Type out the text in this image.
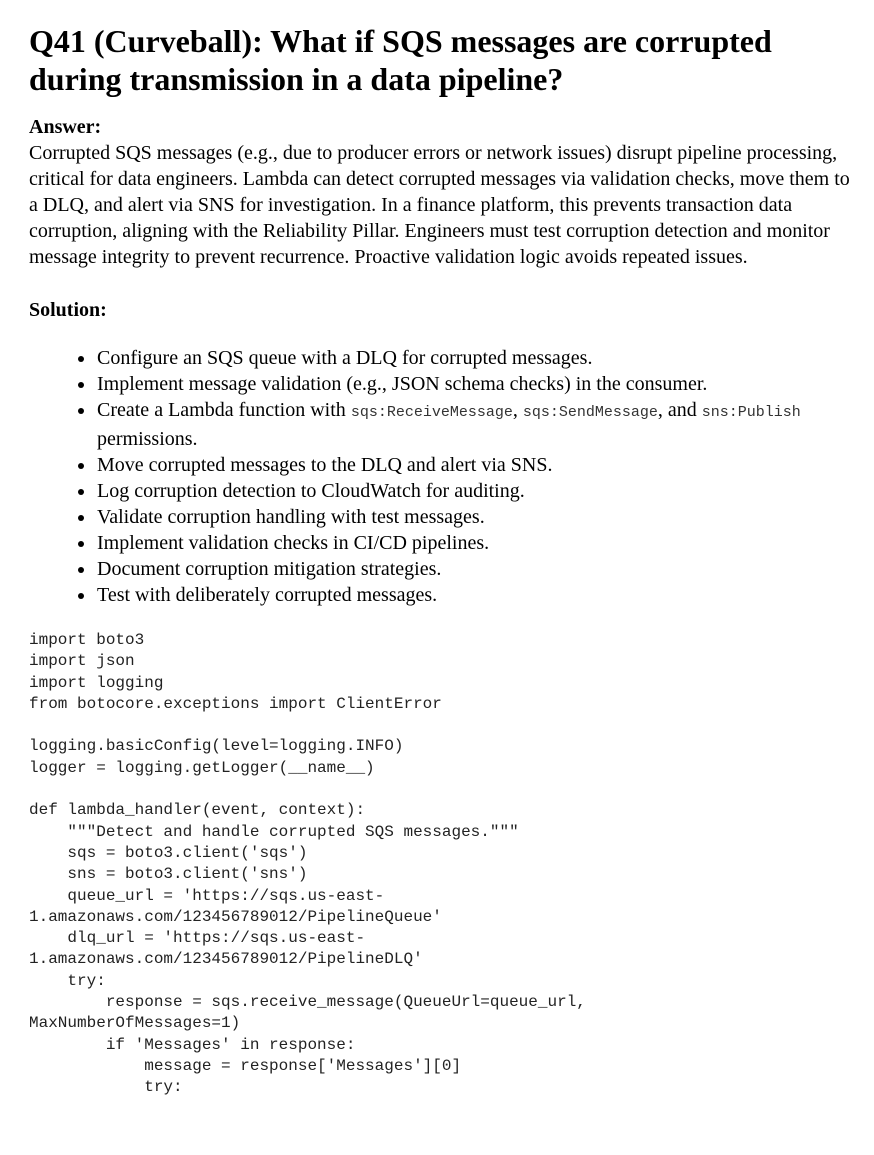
Q41 (Curveball): What if SQS messages are corrupted during transmission in a data pipeline?
Answer:

Corrupted SQS messages (e.g., due to producer errors or network issues) disrupt pipeline processing, critical for data engineers. Lambda can detect corrupted messages via validation checks, move them to a DLQ, and alert via SNS for investigation. In a finance platform, this prevents transaction data corruption, aligning with the Reliability Pillar. Engineers must test corruption detection and monitor message integrity to prevent recurrence. Proactive validation logic avoids repeated issues.

Solution:
• Configure an SQS queue with a DLQ for corrupted messages.
• Implement message validation (e.g., JSON schema checks) in the consumer.
• Create a Lambda function with sqs:ReceiveMessage, sqs:SendMessage, and sns:Publish permissions.
• Move corrupted messages to the DLQ and alert via SNS.
• Log corruption detection to CloudWatch for auditing.
• Validate corruption handling with test messages.
• Implement validation checks in CI/CD pipelines.
• Document corruption mitigation strategies.
• Test with deliberately corrupted messages.
import boto3
import json
import logging
from botocore.exceptions import ClientError
logging.basicConfig(level=logging.INFO)
logger = logging.getLogger(__name__)
def lambda_handler(event, context):
"""Detect and handle corrupted SQS messages."""
sqs = boto3.client('sqs')
sns = boto3.client('sns')
queue_url = 'https://sqs.us-east-
1.amazonaws.com/123456789012/PipelineQueue'
dlq_url = 'https://sqs.us-east-
1.amazonaws.com/123456789012/PipelineDLQ'
try:
response = sqs.receive_message(QueueUrl=queue_url,
MaxNumberOfMessages=1)
if 'Messages' in response:
message = response['Messages'][0]
try:
